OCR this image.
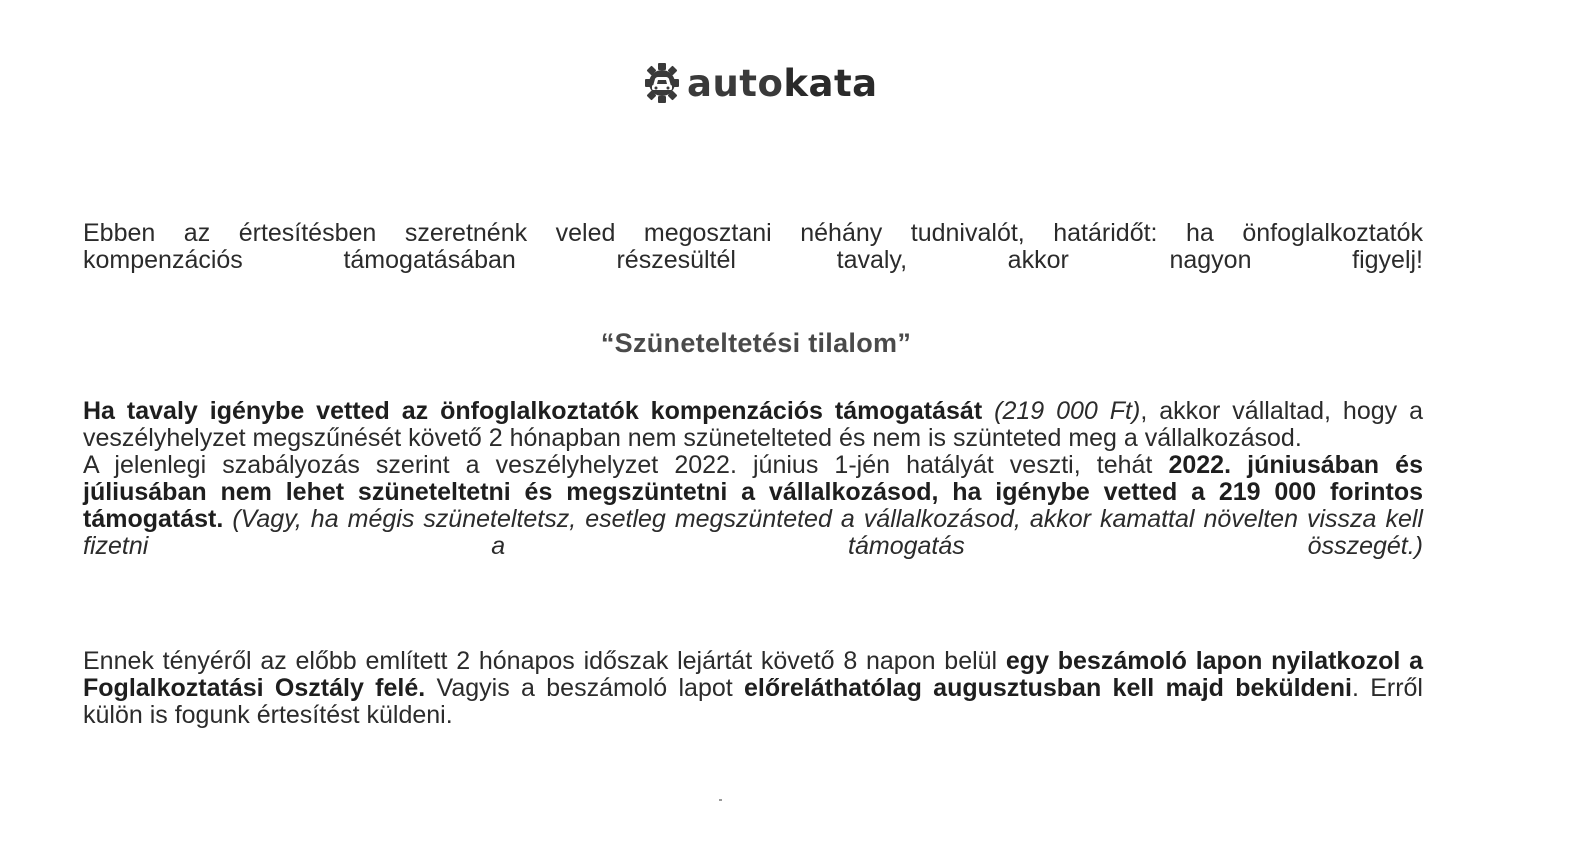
autokata
Ebben az értesítésben szeretnénk veled megosztani néhány tudnivalót, határidőt: ha önfoglalkoztatók
kompenzációs támogatásában részesültél tavaly, akkor nagyon figyelj!
“Szüneteltetési tilalom”
Ha tavaly igénybe vetted az önfoglalkoztatók kompenzációs támogatását (219 000 Ft), akkor vállaltad, hogy a veszélyhelyzet megszűnését követő 2 hónapban nem szünetelteted és nem is szünteted meg a vállalkozásod.
A jelenlegi szabályozás szerint a veszélyhelyzet 2022. június 1-jén hatályát veszti, tehát 2022. júniusában és júliusában nem lehet szüneteltetni és megszüntetni a vállalkozásod, ha igénybe vetted a 219 000 forintos támogatást. (Vagy, ha mégis szüneteltetsz, esetleg megszünteted a vállalkozásod, akkor kamattal növelten vissza kell fizetni a támogatás összegét.)
Ennek tényéről az előbb említett 2 hónapos időszak lejártát követő 8 napon belül egy beszámoló lapon nyilatkozol a Foglalkoztatási Osztály felé. Vagyis a beszámoló lapot előreláthatólag augusztusban kell majd beküldeni. Erről külön is fogunk értesítést küldeni.
